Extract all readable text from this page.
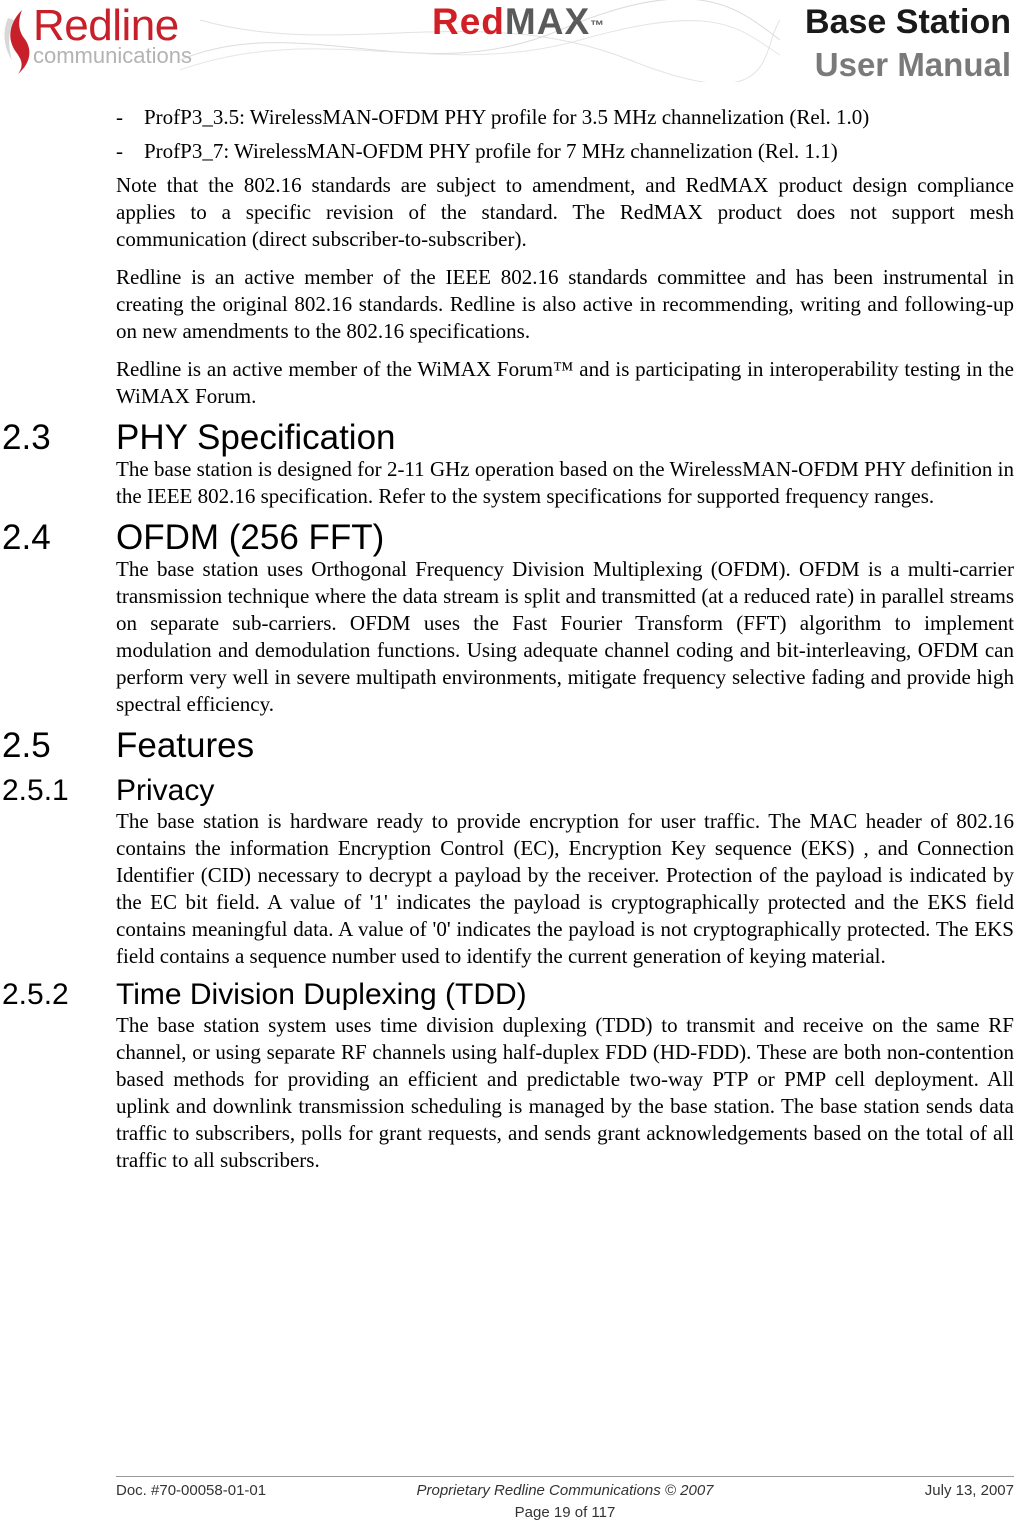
Redline
communications
RedMAX™	Base Station
User Manual
- ProfP3_3.5: WirelessMAN-OFDM PHY profile for 3.5 MHz channelization (Rel. 1.0)
- ProfP3_7: WirelessMAN-OFDM PHY profile for 7 MHz channelization (Rel. 1.1)

Note that the 802.16 standards are subject to amendment, and RedMAX product design compliance applies to a specific revision of the standard. The RedMAX product does not support mesh communication (direct subscriber-to-subscriber).

Redline is an active member of the IEEE 802.16 standards committee and has been instrumental in creating the original 802.16 standards. Redline is also active in recommending, writing and following-up on new amendments to the 802.16 specifications.

Redline is an active member of the WiMAX Forum™ and is participating in interoperability testing in the WiMAX Forum.

2.3 PHY Specification

The base station is designed for 2-11 GHz operation based on the WirelessMAN-OFDM PHY definition in the IEEE 802.16 specification. Refer to the system specifications for supported frequency ranges.

2.4 OFDM (256 FFT)

The base station uses Orthogonal Frequency Division Multiplexing (OFDM). OFDM is a multi-carrier transmission technique where the data stream is split and transmitted (at a reduced rate) in parallel streams on separate sub-carriers. OFDM uses the Fast Fourier Transform (FFT) algorithm to implement modulation and demodulation functions. Using adequate channel coding and bit-interleaving, OFDM can perform very well in severe multipath environments, mitigate frequency selective fading and provide high spectral efficiency.

2.5 Features
2.5.1 Privacy

The base station is hardware ready to provide encryption for user traffic. The MAC header of 802.16 contains the information Encryption Control (EC), Encryption Key sequence (EKS) , and Connection Identifier (CID) necessary to decrypt a payload by the receiver. Protection of the payload is indicated by the EC bit field. A value of '1' indicates the payload is cryptographically protected and the EKS field contains meaningful data. A value of '0' indicates the payload is not cryptographically protected. The EKS field contains a sequence number used to identify the current generation of keying material.

2.5.2 Time Division Duplexing (TDD)

The base station system uses time division duplexing (TDD) to transmit and receive on the same RF channel, or using separate RF channels using half-duplex FDD (HD-FDD). These are both non-contention based methods for providing an efficient and predictable two-way PTP or PMP cell deployment. All uplink and downlink transmission scheduling is managed by the base station. The base station sends data traffic to subscribers, polls for grant requests, and sends grant acknowledgements based on the total of all traffic to all subscribers.

Doc. #70-00058-01-01	Proprietary Redline Communications © 2007	July 13, 2007
Page 19 of 117
